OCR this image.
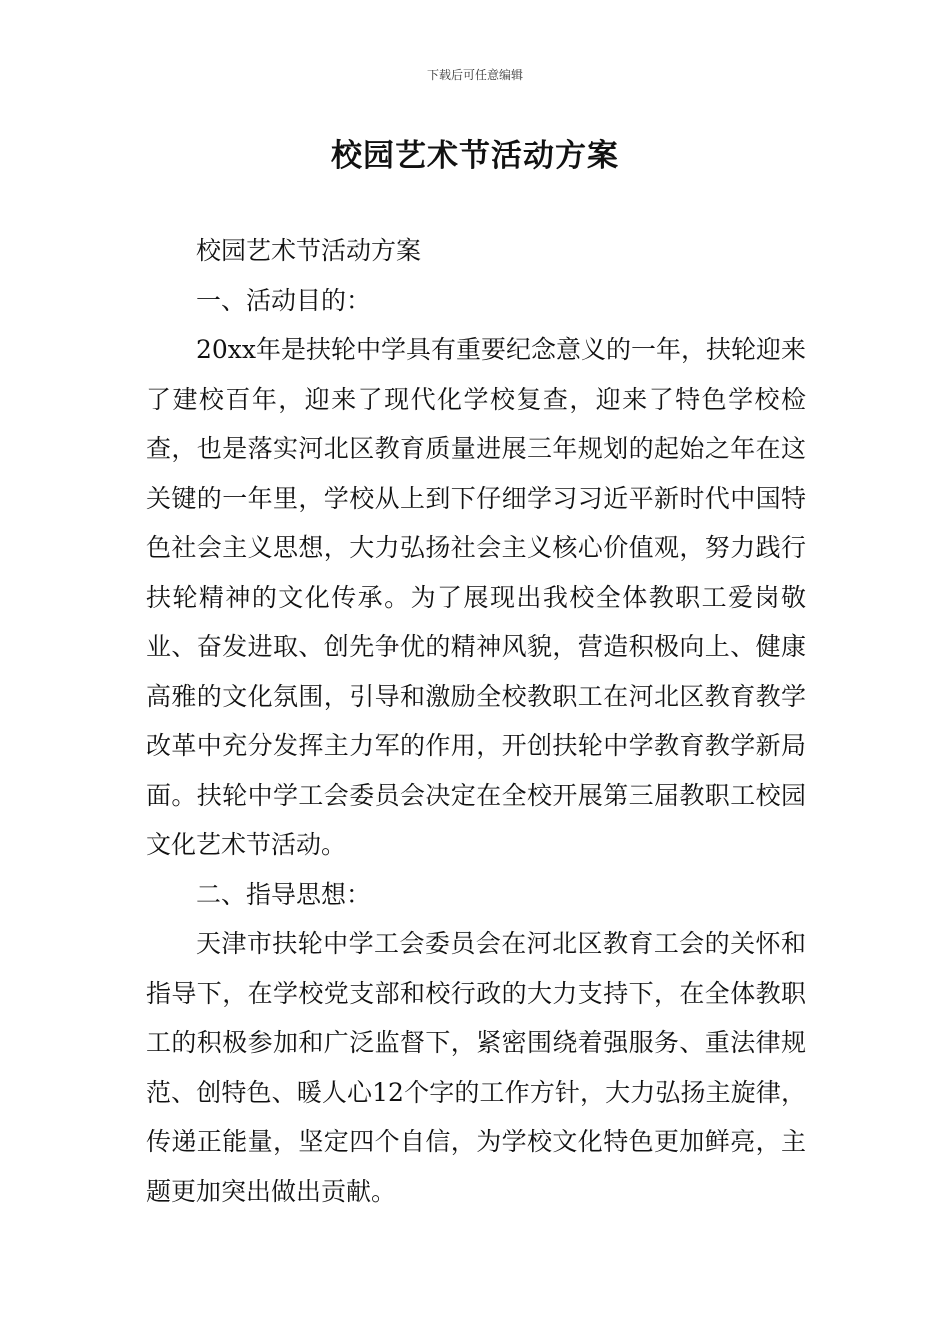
下载后可任意编辑
校园艺术节活动方案

校园艺术节活动方案

一、活动目的：

20xx年是扶轮中学具有重要纪念意义的一年，扶轮迎来了建校百年，迎来了现代化学校复查，迎来了特色学校检查，也是落实河北区教育质量进展三年规划的起始之年在这关键的一年里，学校从上到下仔细学习习近平新时代中国特色社会主义思想，大力弘扬社会主义核心价值观，努力践行扶轮精神的文化传承。为了展现出我校全体教职工爱岗敬业、奋发进取、创先争优的精神风貌，营造积极向上、健康高雅的文化氛围，引导和激励全校教职工在河北区教育教学改革中充分发挥主力军的作用，开创扶轮中学教育教学新局面。扶轮中学工会委员会决定在全校开展第三届教职工校园文化艺术节活动。

二、指导思想：

天津市扶轮中学工会委员会在河北区教育工会的关怀和指导下，在学校党支部和校行政的大力支持下，在全体教职工的积极参加和广泛监督下，紧密围绕着强服务、重法律规范、创特色、暖人心12个字的工作方针，大力弘扬主旋律，传递正能量，坚定四个自信，为学校文化特色更加鲜亮，主题更加突出做出贡献。
